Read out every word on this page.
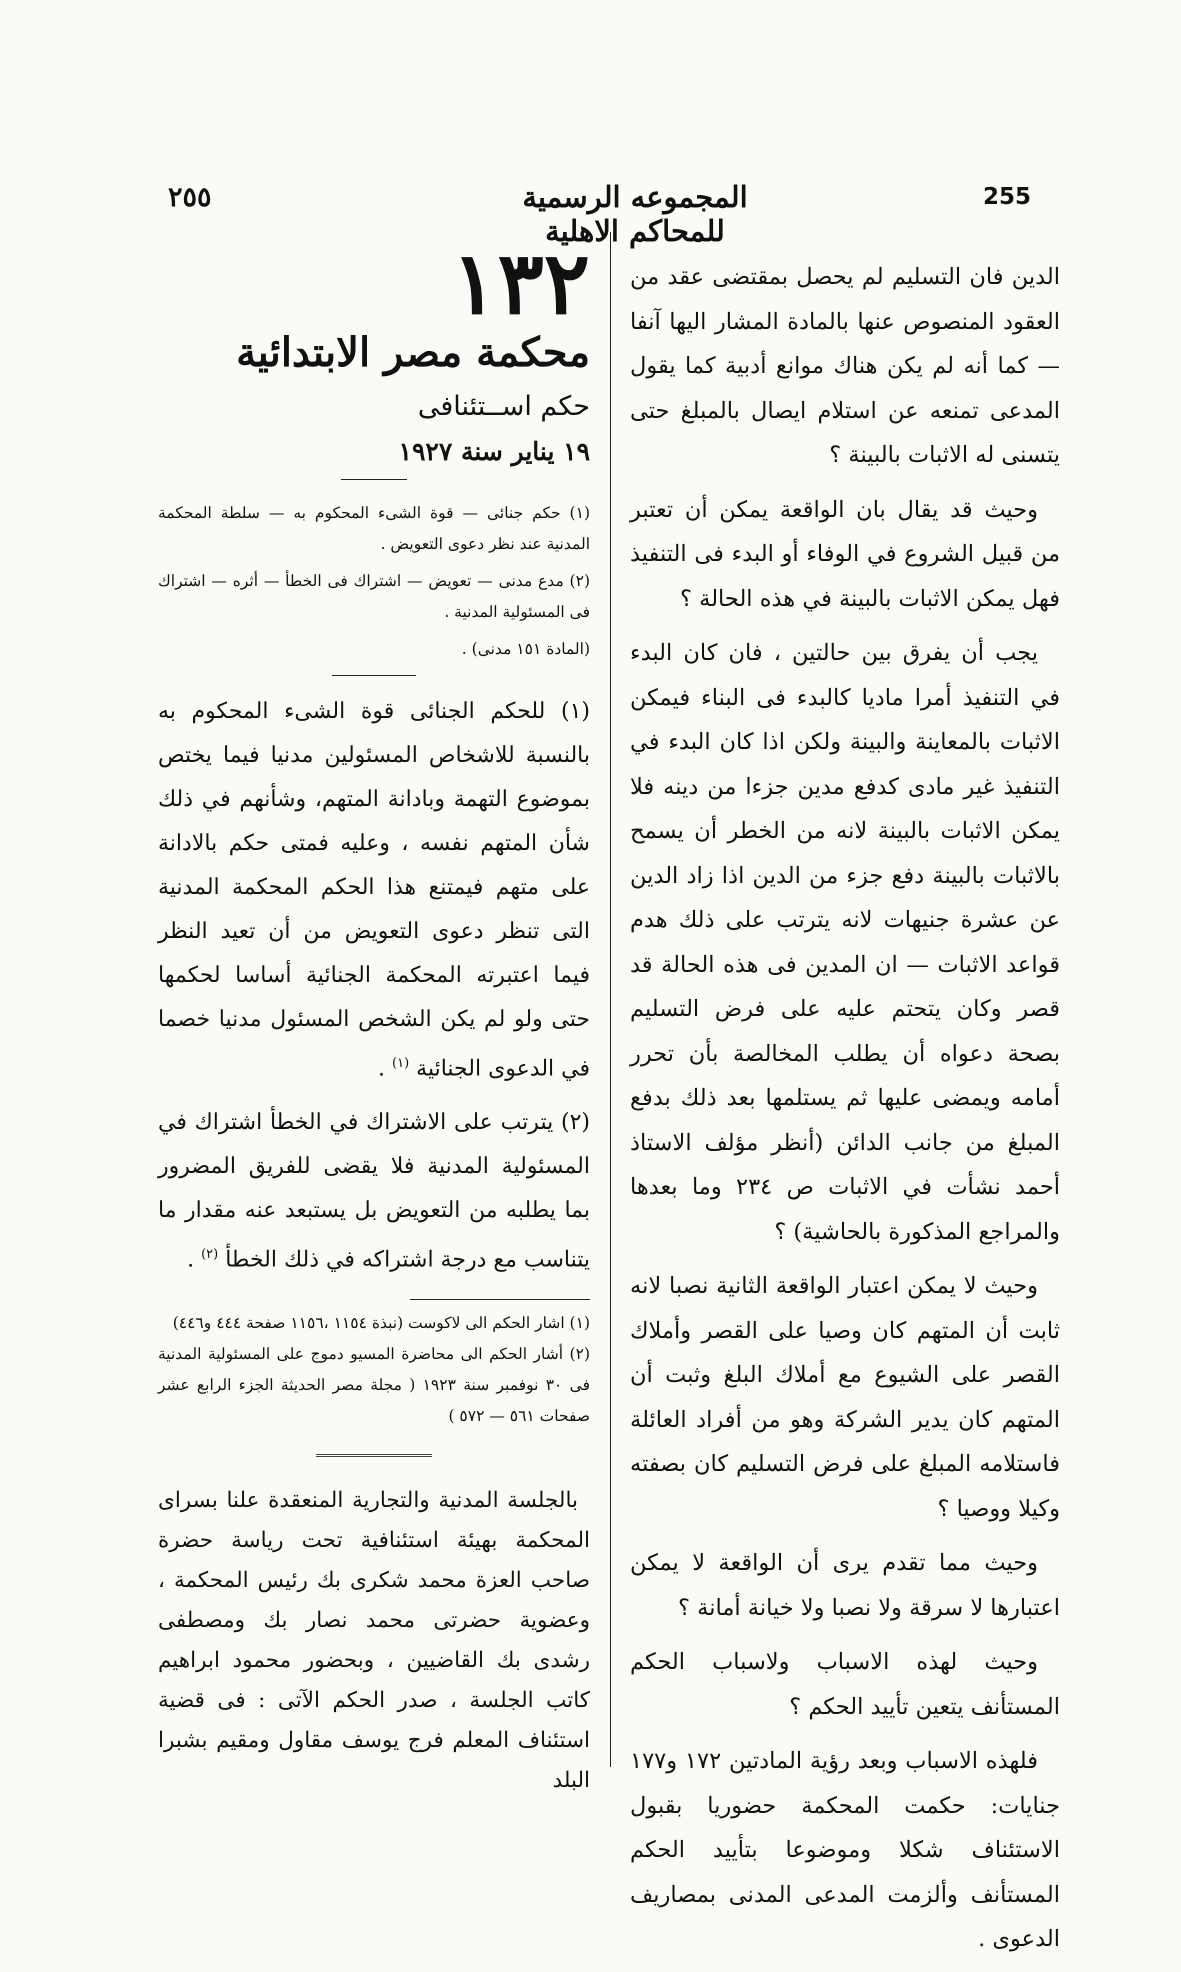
٢٥٥	المجموعه الرسمية للمحاكم الاهلية
255

الدين فان التسليم لم يحصل بمقتضى عقد من العقود المنصوص عنها بالمادة المشار اليها آنفا — كما أنه لم يكن هناك موانع أدبية كما يقول المدعى تمنعه عن استلام ايصال بالمبلغ حتى يتسنى له الاثبات بالبينة ؟

وحيث قد يقال بان الواقعة يمكن أن تعتبر من قبيل الشروع في الوفاء أو البدء فى التنفيذ فهل يمكن الاثبات بالبينة في هذه الحالة ؟

يجب أن يفرق بين حالتين ، فان كان البدء في التنفيذ أمرا ماديا كالبدء فى البناء فيمكن الاثبات بالمعاينة والبينة ولكن اذا كان البدء في التنفيذ غير مادى كدفع مدين جزءا من دينه فلا يمكن الاثبات بالبينة لانه من الخطر أن يسمح بالاثبات بالبينة دفع جزء من الدين اذا زاد الدين عن عشرة جنيهات لانه يترتب على ذلك هدم قواعد الاثبات — ان المدين فى هذه الحالة قد قصر وكان يتحتم عليه على فرض التسليم بصحة دعواه أن يطلب المخالصة بأن تحرر أمامه ويمضى عليها ثم يستلمها بعد ذلك بدفع المبلغ من جانب الدائن (أنظر مؤلف الاستاذ أحمد نشأت في الاثبات ص ٢٣٤ وما بعدها والمراجع المذكورة بالحاشية) ؟

وحيث لا يمكن اعتبار الواقعة الثانية نصبا لانه ثابت أن المتهم كان وصيا على القصر وأملاك القصر على الشيوع مع أملاك البلغ وثبت أن المتهم كان يدير الشركة وهو من أفراد العائلة فاستلامه المبلغ على فرض التسليم كان بصفته وكيلا ووصيا ؟

وحيث مما تقدم يرى أن الواقعة لا يمكن اعتبارها لا سرقة ولا نصبا ولا خيانة أمانة ؟

وحيث لهذه الاسباب ولاسباب الحكم المستأنف يتعين تأييد الحكم ؟

فلهذه الاسباب وبعد رؤية المادتين ١٧٢ و١٧٧ جنايات: حكمت المحكمة حضوريا بقبول الاستئناف شكلا وموضوعا بتأييد الحكم المستأنف وألزمت المدعى المدنى بمصاريف الدعوى .

١٣٢

محكمة مصر الابتدائية

حكم اســتئنافى

١٩ يناير سنة ١٩٢٧

(١) حكم جنائى — قوة الشىء المحكوم به — سلطة المحكمة المدنية عند نظر دعوى التعويض .

(٢) مدع مدنى — تعويض — اشتراك فى الخطأ — أثره — اشتراك فى المسئولية المدنية .

(المادة ١٥١ مدنى) .

(١) للحكم الجنائى قوة الشىء المحكوم به بالنسبة للاشخاص المسئولين مدنيا فيما يختص بموضوع التهمة وبادانة المتهم، وشأنهم في ذلك شأن المتهم نفسه ، وعليه فمتى حكم بالادانة على متهم فيمتنع هذا الحكم المحكمة المدنية التى تنظر دعوى التعويض من أن تعيد النظر فيما اعتبرته المحكمة الجنائية أساسا لحكمها حتى ولو لم يكن الشخص المسئول مدنيا خصما في الدعوى الجنائية $^{(١)}$ .

(٢) يترتب على الاشتراك في الخطأ اشتراك في المسئولية المدنية فلا يقضى للفريق المضرور بما يطلبه من التعويض بل يستبعد عنه مقدار ما يتناسب مع درجة اشتراكه في ذلك الخطأ $^{(٢)}$ .

(١) اشار الحكم الى لاكوست (نبذة ١١٥٤ ،١١٥٦ صفحة ٤٤٤ و٤٤٦)

(٢) أشار الحكم الى محاضرة المسيو دموج على المسئولية المدنية فى ٣٠ نوفمبر سنة ١٩٢٣ ( مجلة مصر الحديثة الجزء الرابع عشر صفحات ٥٦١ — ٥٧٢ )

بالجلسة المدنية والتجارية المنعقدة علنا بسراى المحكمة بهيئة استئنافية تحت رياسة حضرة صاحب العزة محمد شكرى بك رئيس المحكمة ، وعضوية حضرتى محمد نصار بك ومصطفى رشدى بك القاضيين ، وبحضور محمود ابراهيم كاتب الجلسة ، صدر الحكم الآتى : فى قضية استئناف المعلم فرج يوسف مقاول ومقيم بشبرا البلد
